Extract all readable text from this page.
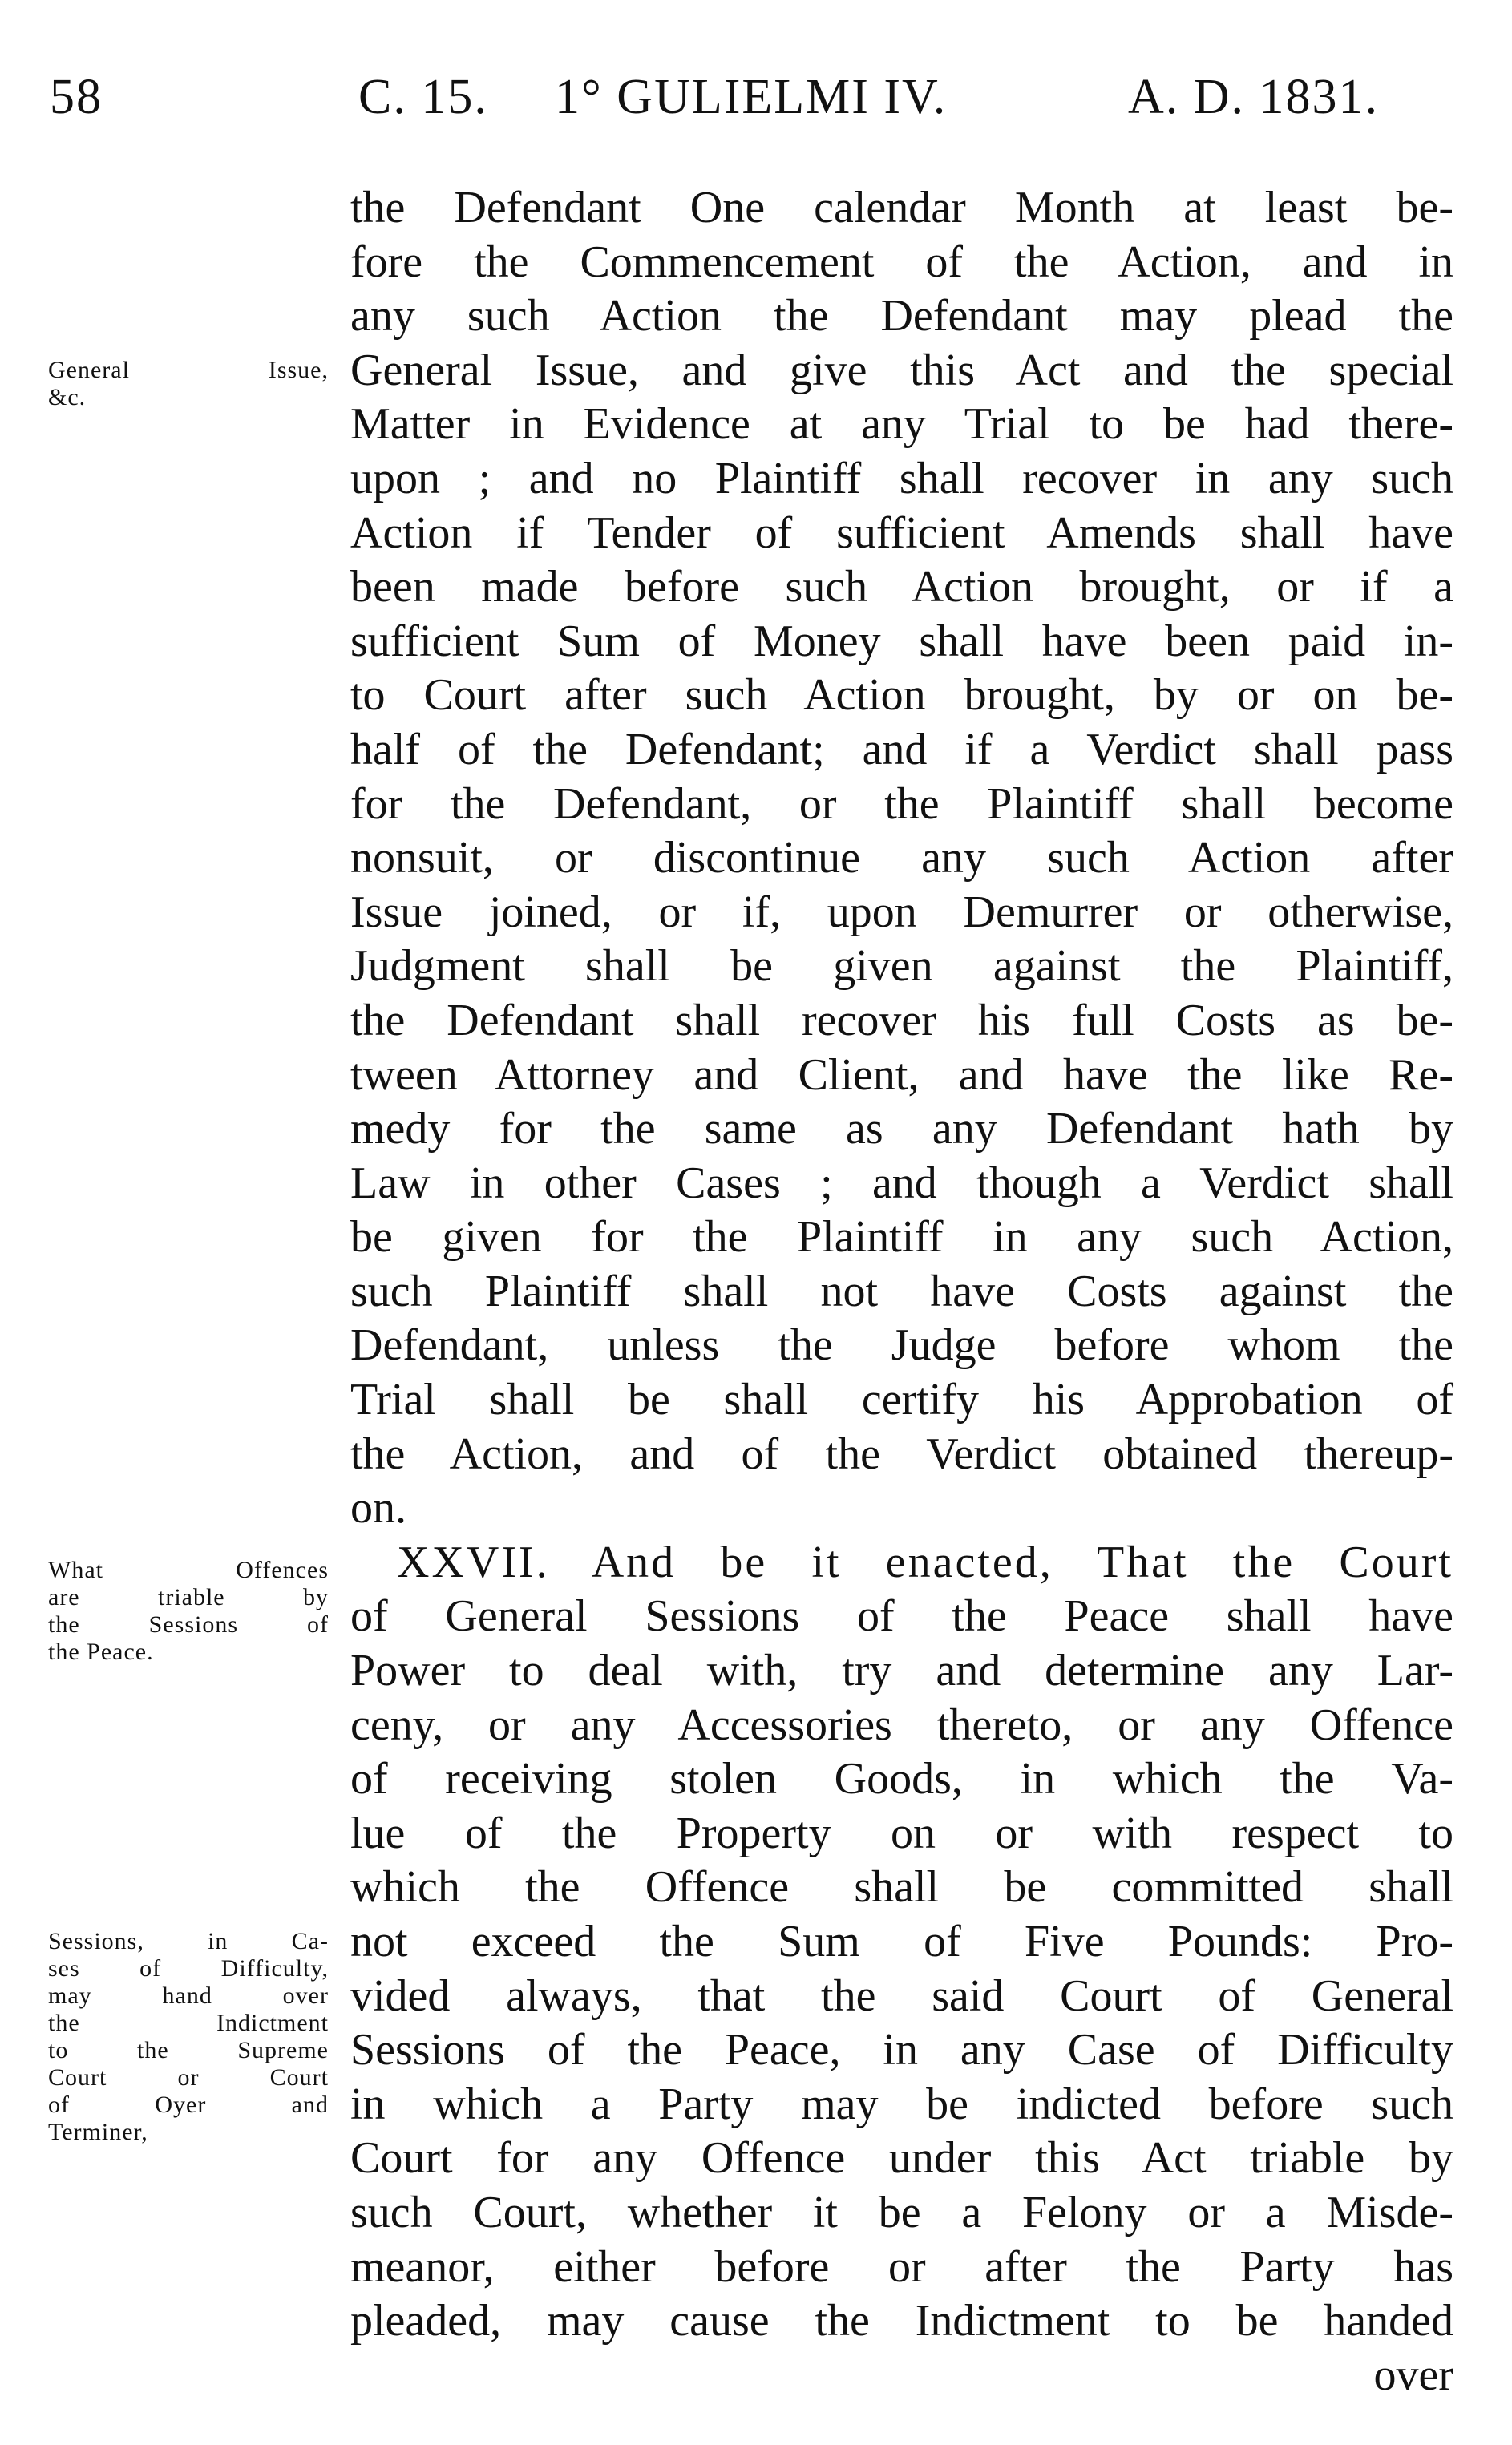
58	C. 15. 1° GULIELMI IV.	A. D. 1831.
General Issue,
&c.
What Offences
are triable by
the Sessions of
the Peace.
Sessions, in Ca-
ses of Difficulty,
may hand over
the Indictment
to the Supreme
Court or Court
of Oyer and
Terminer,
the Defendant One calendar Month at least be-
fore the Commencement of the Action, and in
any such Action the Defendant may plead the
General Issue, and give this Act and the special
Matter in Evidence at any Trial to be had there-
upon ; and no Plaintiff shall recover in any such
Action if Tender of sufficient Amends shall have
been made before such Action brought, or if a
sufficient Sum of Money shall have been paid in-
to Court after such Action brought, by or on be-
half of the Defendant; and if a Verdict shall pass
for the Defendant, or the Plaintiff shall become
nonsuit, or discontinue any such Action after
Issue joined, or if, upon Demurrer or otherwise,
Judgment shall be given against the Plaintiff,
the Defendant shall recover his full Costs as be-
tween Attorney and Client, and have the like Re-
medy for the same as any Defendant hath by
Law in other Cases ; and though a Verdict shall
be given for the Plaintiff in any such Action,
such Plaintiff shall not have Costs against the
Defendant, unless the Judge before whom the
Trial shall be shall certify his Approbation of
the Action, and of the Verdict obtained thereup-
on.
XXVII. And be it enacted, That the Court
of General Sessions of the Peace shall have
Power to deal with, try and determine any Lar-
ceny, or any Accessories thereto, or any Offence
of receiving stolen Goods, in which the Va-
lue of the Property on or with respect to
which the Offence shall be committed shall
not exceed the Sum of Five Pounds: Pro-
vided always, that the said Court of General
Sessions of the Peace, in any Case of Difficulty
in which a Party may be indicted before such
Court for any Offence under this Act triable by
such Court, whether it be a Felony or a Misde-
meanor, either before or after the Party has
pleaded, may cause the Indictment to be handed
over
